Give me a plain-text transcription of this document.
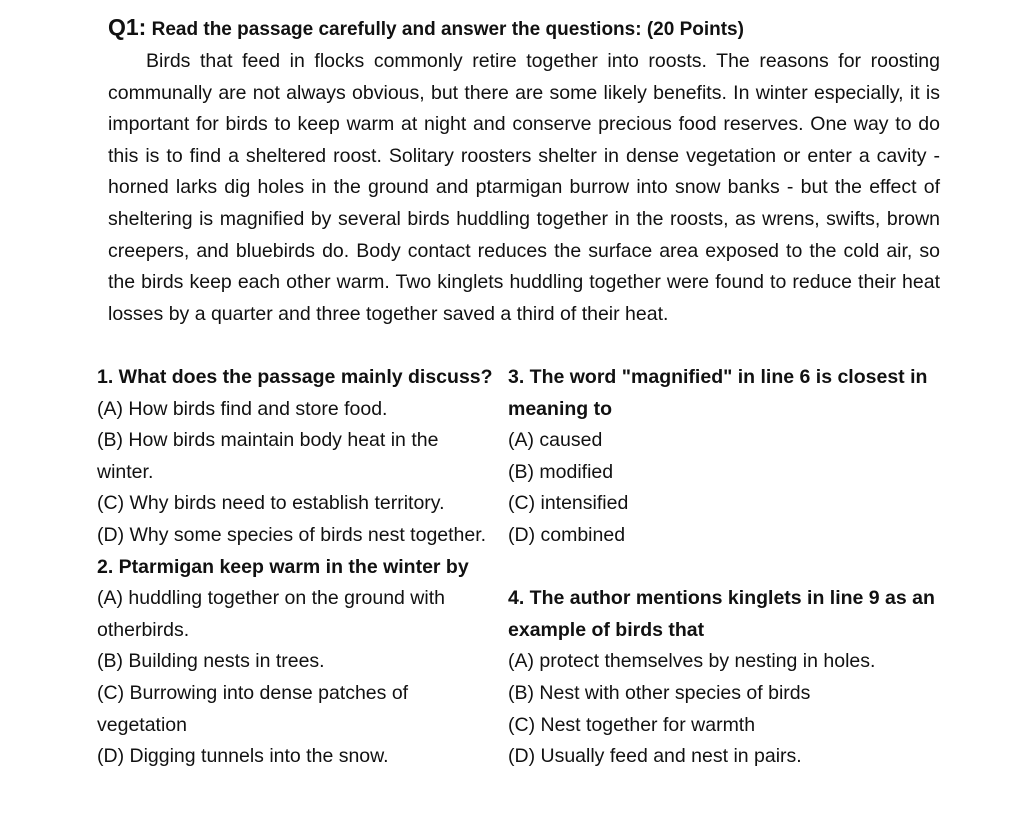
Q1: Read the passage carefully and answer the questions: (20 Points)

Birds that feed in flocks commonly retire together into roosts. The reasons for roosting communally are not always obvious, but there are some likely benefits. In winter especially, it is important for birds to keep warm at night and conserve precious food reserves. One way to do this is to find a sheltered roost. Solitary roosters shelter in dense vegetation or enter a cavity - horned larks dig holes in the ground and ptarmigan burrow into snow banks - but the effect of sheltering is magnified by several birds huddling together in the roosts, as wrens, swifts, brown creepers, and bluebirds do. Body contact reduces the surface area exposed to the cold air, so the birds keep each other warm. Two kinglets huddling together were found to reduce their heat losses by a quarter and three together saved a third of their heat.

1. What does the passage mainly discuss?
(A) How birds find and store food.
(B) How birds maintain body heat in the winter.
(C) Why birds need to establish territory.
(D) Why some species of birds nest together.
2. Ptarmigan keep warm in the winter by
(A) huddling together on the ground with otherbirds.
(B) Building nests in trees.
(C) Burrowing into dense patches of vegetation
(D) Digging tunnels into the snow.
3. The word "magnified" in line 6 is closest in meaning to
(A) caused
(B) modified
(C) intensified
(D) combined
4. The author mentions kinglets in line 9 as an example of birds that
(A) protect themselves by nesting in holes.
(B) Nest with other species of birds
(C) Nest together for warmth
(D) Usually feed and nest in pairs.
